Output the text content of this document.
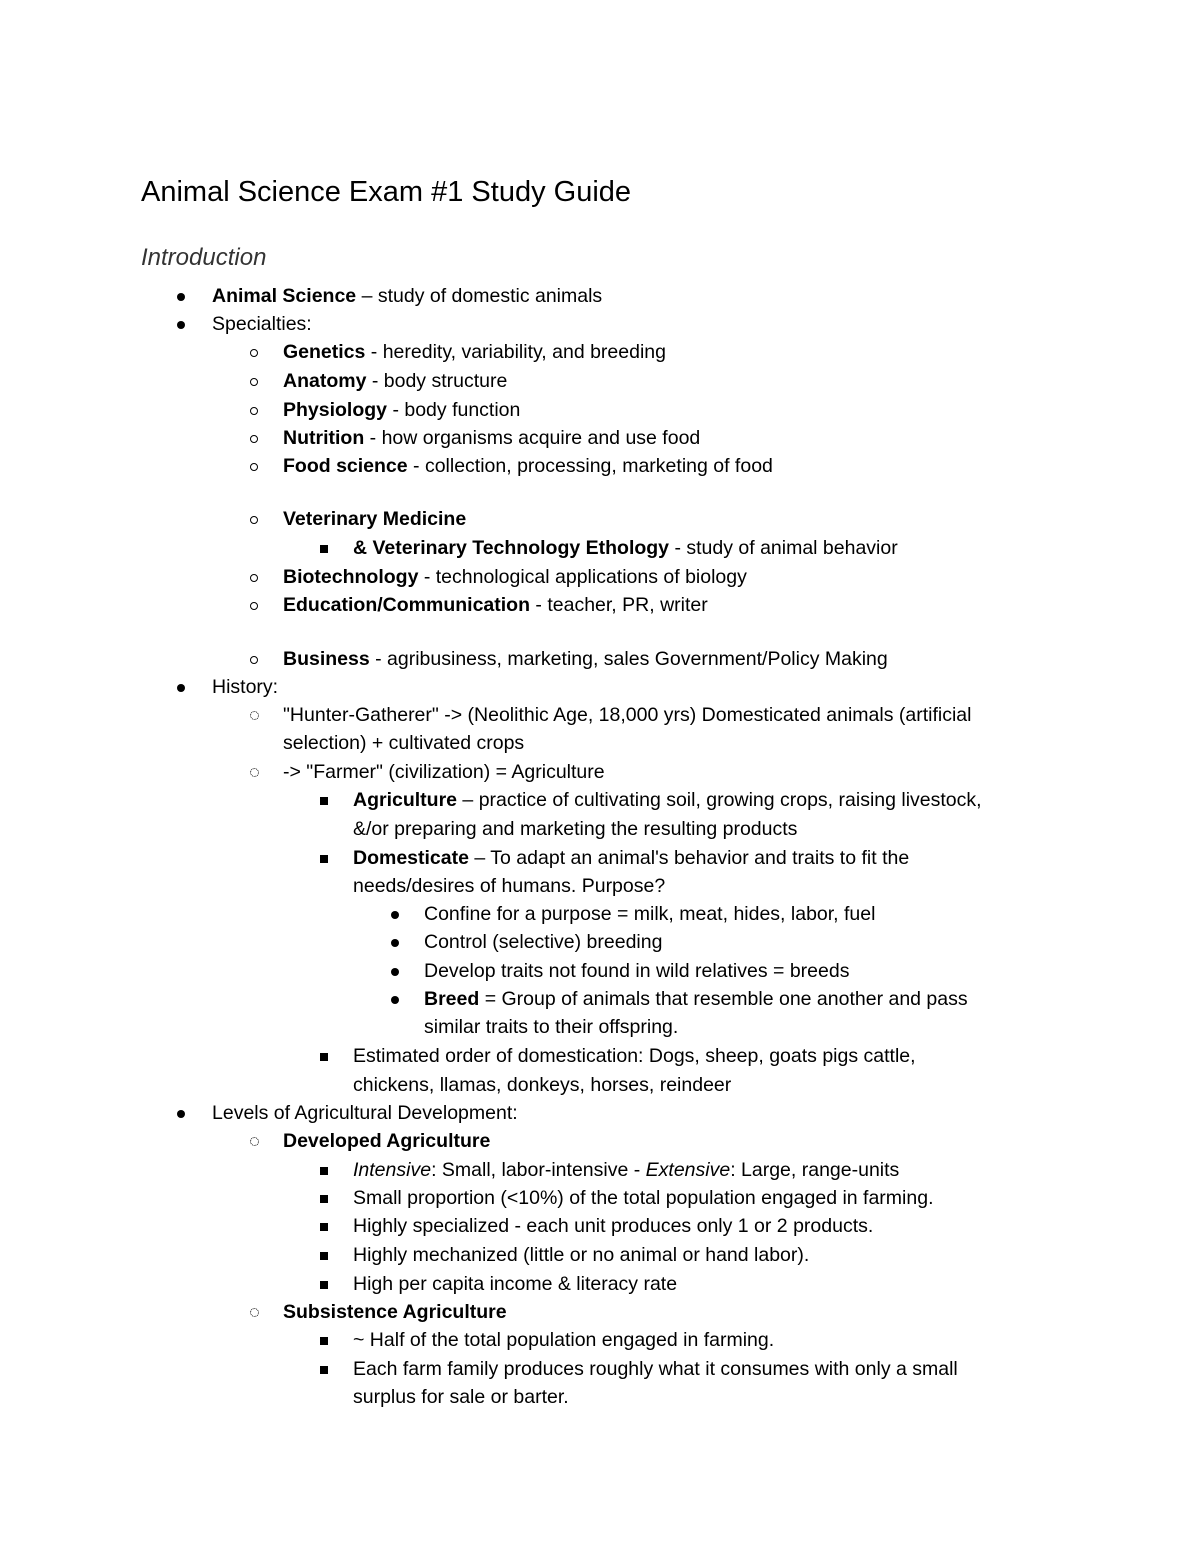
Animal Science Exam #1 Study Guide
Introduction
Animal Science – study of domestic animals
Specialties:
Genetics - heredity, variability, and breeding
Anatomy - body structure
Physiology - body function
Nutrition - how organisms acquire and use food
Food science - collection, processing, marketing of food
Veterinary Medicine
& Veterinary Technology Ethology - study of animal behavior
Biotechnology - technological applications of biology
Education/Communication - teacher, PR, writer
Business - agribusiness, marketing, sales Government/Policy Making
History:
"Hunter-Gatherer" -> (Neolithic Age, 18,000 yrs) Domesticated animals (artificial
selection) + cultivated crops
-> "Farmer" (civilization) = Agriculture
Agriculture – practice of cultivating soil, growing crops, raising livestock,
&/or preparing and marketing the resulting products
Domesticate – To adapt an animal's behavior and traits to fit the
needs/desires of humans. Purpose?
Confine for a purpose = milk, meat, hides, labor, fuel
Control (selective) breeding
Develop traits not found in wild relatives = breeds
Breed = Group of animals that resemble one another and pass
similar traits to their offspring.
Estimated order of domestication: Dogs, sheep, goats pigs cattle,
chickens, llamas, donkeys, horses, reindeer
Levels of Agricultural Development:
Developed Agriculture
Intensive: Small, labor-intensive - Extensive: Large, range-units
Small proportion (<10%) of the total population engaged in farming.
Highly specialized - each unit produces only 1 or 2 products.
Highly mechanized (little or no animal or hand labor).
High per capita income & literacy rate
Subsistence Agriculture
~ Half of the total population engaged in farming.
Each farm family produces roughly what it consumes with only a small
surplus for sale or barter.
